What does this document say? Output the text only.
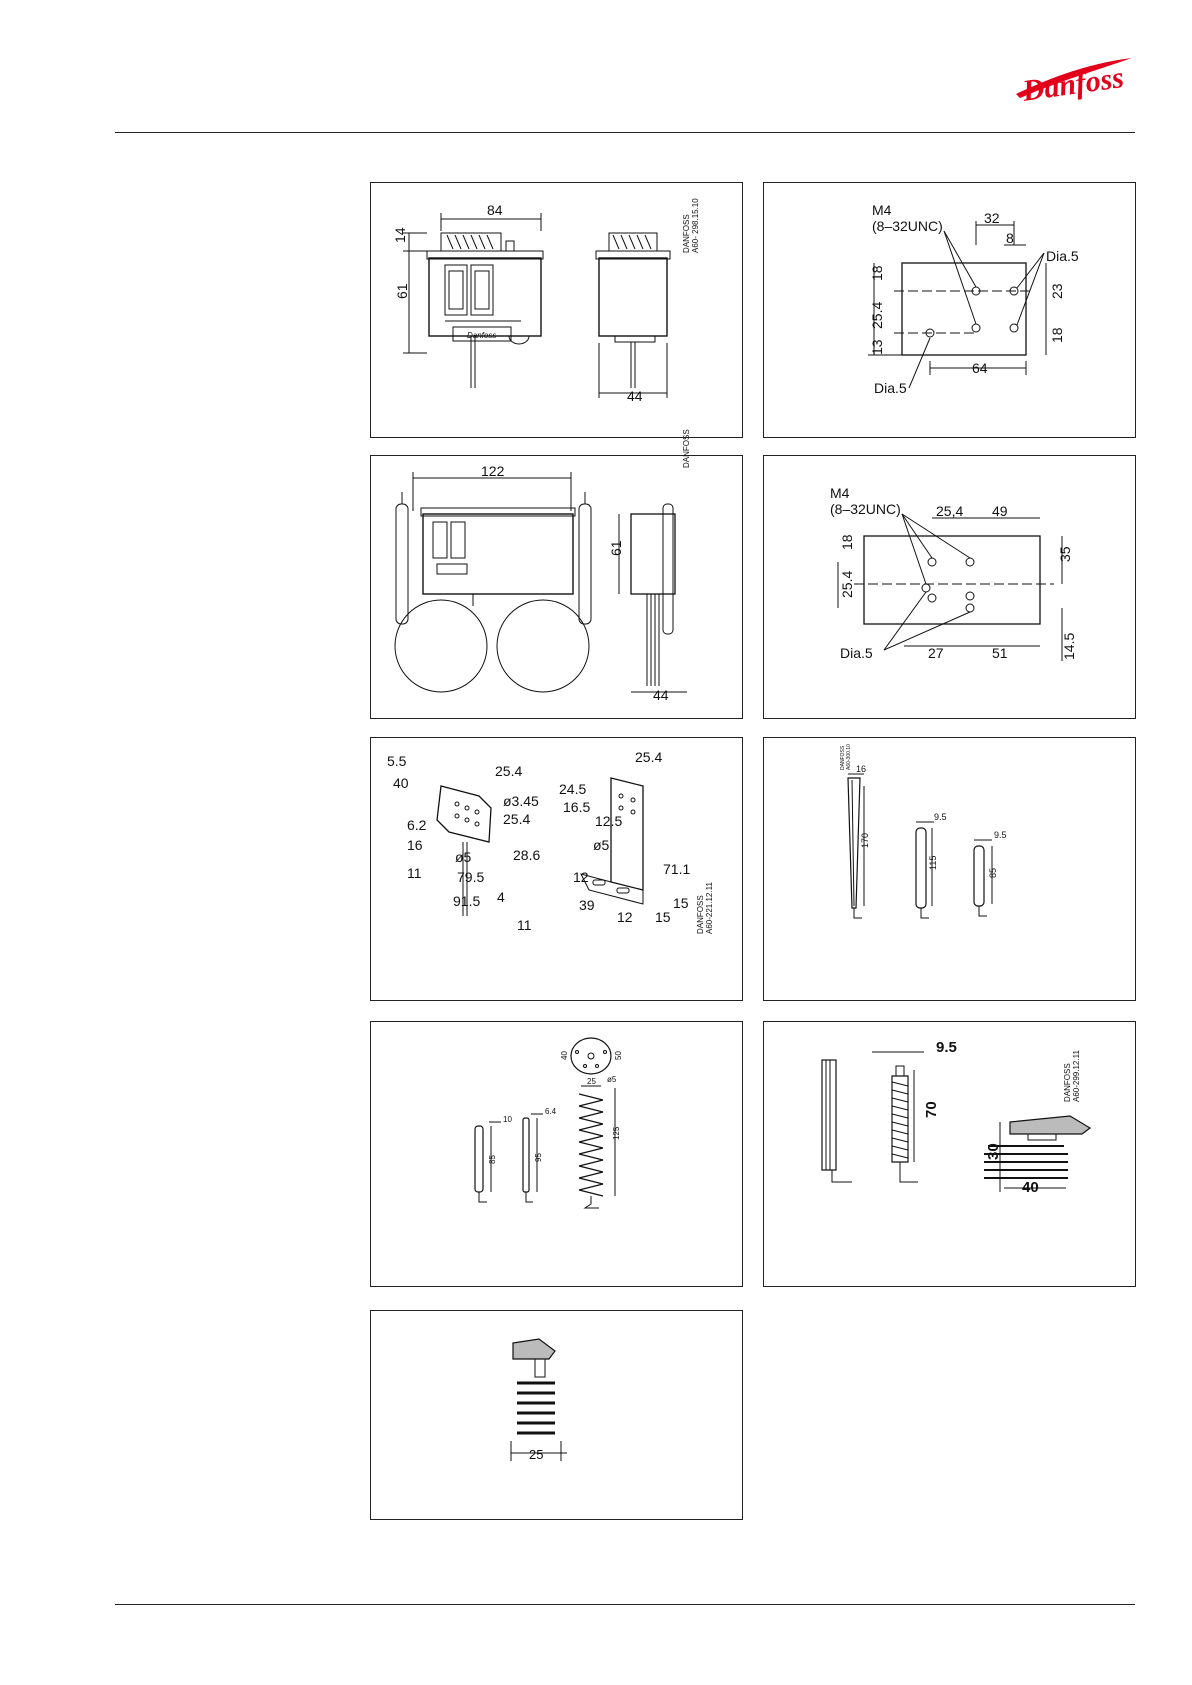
Danfoss
Danfoss
84
14
61
44
DANFOSSA60- 298.15.10	M4
(8–32UNC)	32
8
Dia.5
25.4
18
13
23
18
64
Dia.5
122
61
44
DANFOSS
M4
(8–32UNC)	25,4 49
35
25.4
18
Dia.5	27	51	14.5
5.5
40
25.4
ø3.45
25.4
6.2
16
ø5	28.6
11	79.5
4
91.5
11
25.4
24.5
16.5
12.5
ø5
71.1
12
39
12 15
15 DANFOSSA60-221.12.11
170
16
115
9.5
85
9.5
DANFOSSA60-300.10
40	50
ø5
25
125
10
85
6.4
95
9.5
70
30
40
DANFOSSA60-299.12.11
25
